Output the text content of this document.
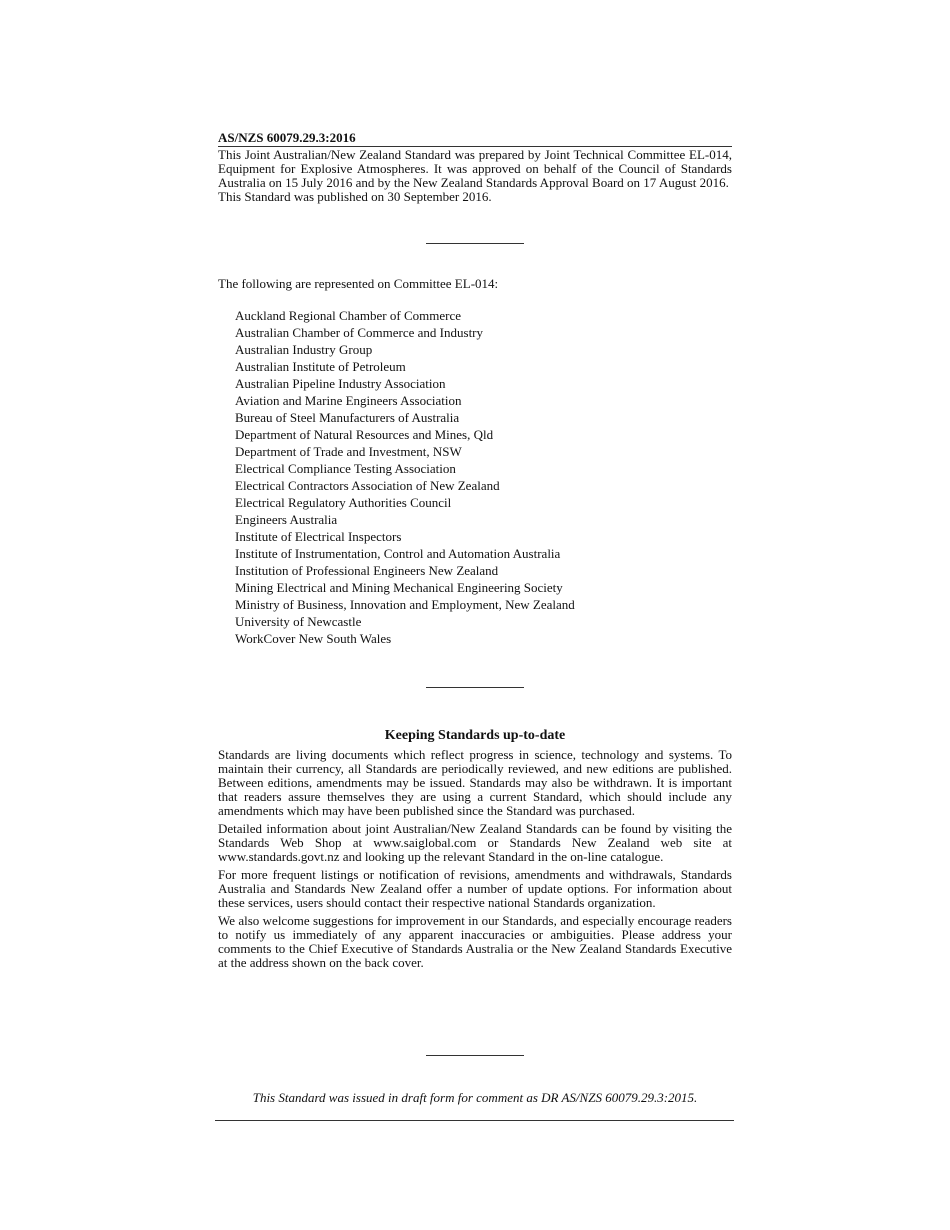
AS/NZS 60079.29.3:2016

This Joint Australian/New Zealand Standard was prepared by Joint Technical Committee EL-014, Equipment for Explosive Atmospheres. It was approved on behalf of the Council of Standards Australia on 15 July 2016 and by the New Zealand Standards Approval Board on 17 August 2016.

This Standard was published on 30 September 2016.

The following are represented on Committee EL-014:
Auckland Regional Chamber of Commerce
Australian Chamber of Commerce and Industry
Australian Industry Group
Australian Institute of Petroleum
Australian Pipeline Industry Association
Aviation and Marine Engineers Association
Bureau of Steel Manufacturers of Australia
Department of Natural Resources and Mines, Qld
Department of Trade and Investment, NSW
Electrical Compliance Testing Association
Electrical Contractors Association of New Zealand
Electrical Regulatory Authorities Council
Engineers Australia
Institute of Electrical Inspectors
Institute of Instrumentation, Control and Automation Australia
Institution of Professional Engineers New Zealand
Mining Electrical and Mining Mechanical Engineering Society
Ministry of Business, Innovation and Employment, New Zealand
University of Newcastle
WorkCover New South Wales
Keeping Standards up-to-date

Standards are living documents which reflect progress in science, technology and systems. To maintain their currency, all Standards are periodically reviewed, and new editions are published. Between editions, amendments may be issued. Standards may also be withdrawn. It is important that readers assure themselves they are using a current Standard, which should include any amendments which may have been published since the Standard was purchased.

Detailed information about joint Australian/New Zealand Standards can be found by visiting the Standards Web Shop at www.saiglobal.com or Standards New Zealand web site at www.standards.govt.nz and looking up the relevant Standard in the on-line catalogue.

For more frequent listings or notification of revisions, amendments and withdrawals, Standards Australia and Standards New Zealand offer a number of update options. For information about these services, users should contact their respective national Standards organization.

We also welcome suggestions for improvement in our Standards, and especially encourage readers to notify us immediately of any apparent inaccuracies or ambiguities. Please address your comments to the Chief Executive of Standards Australia or the New Zealand Standards Executive at the address shown on the back cover.

This Standard was issued in draft form for comment as DR AS/NZS 60079.29.3:2015.
